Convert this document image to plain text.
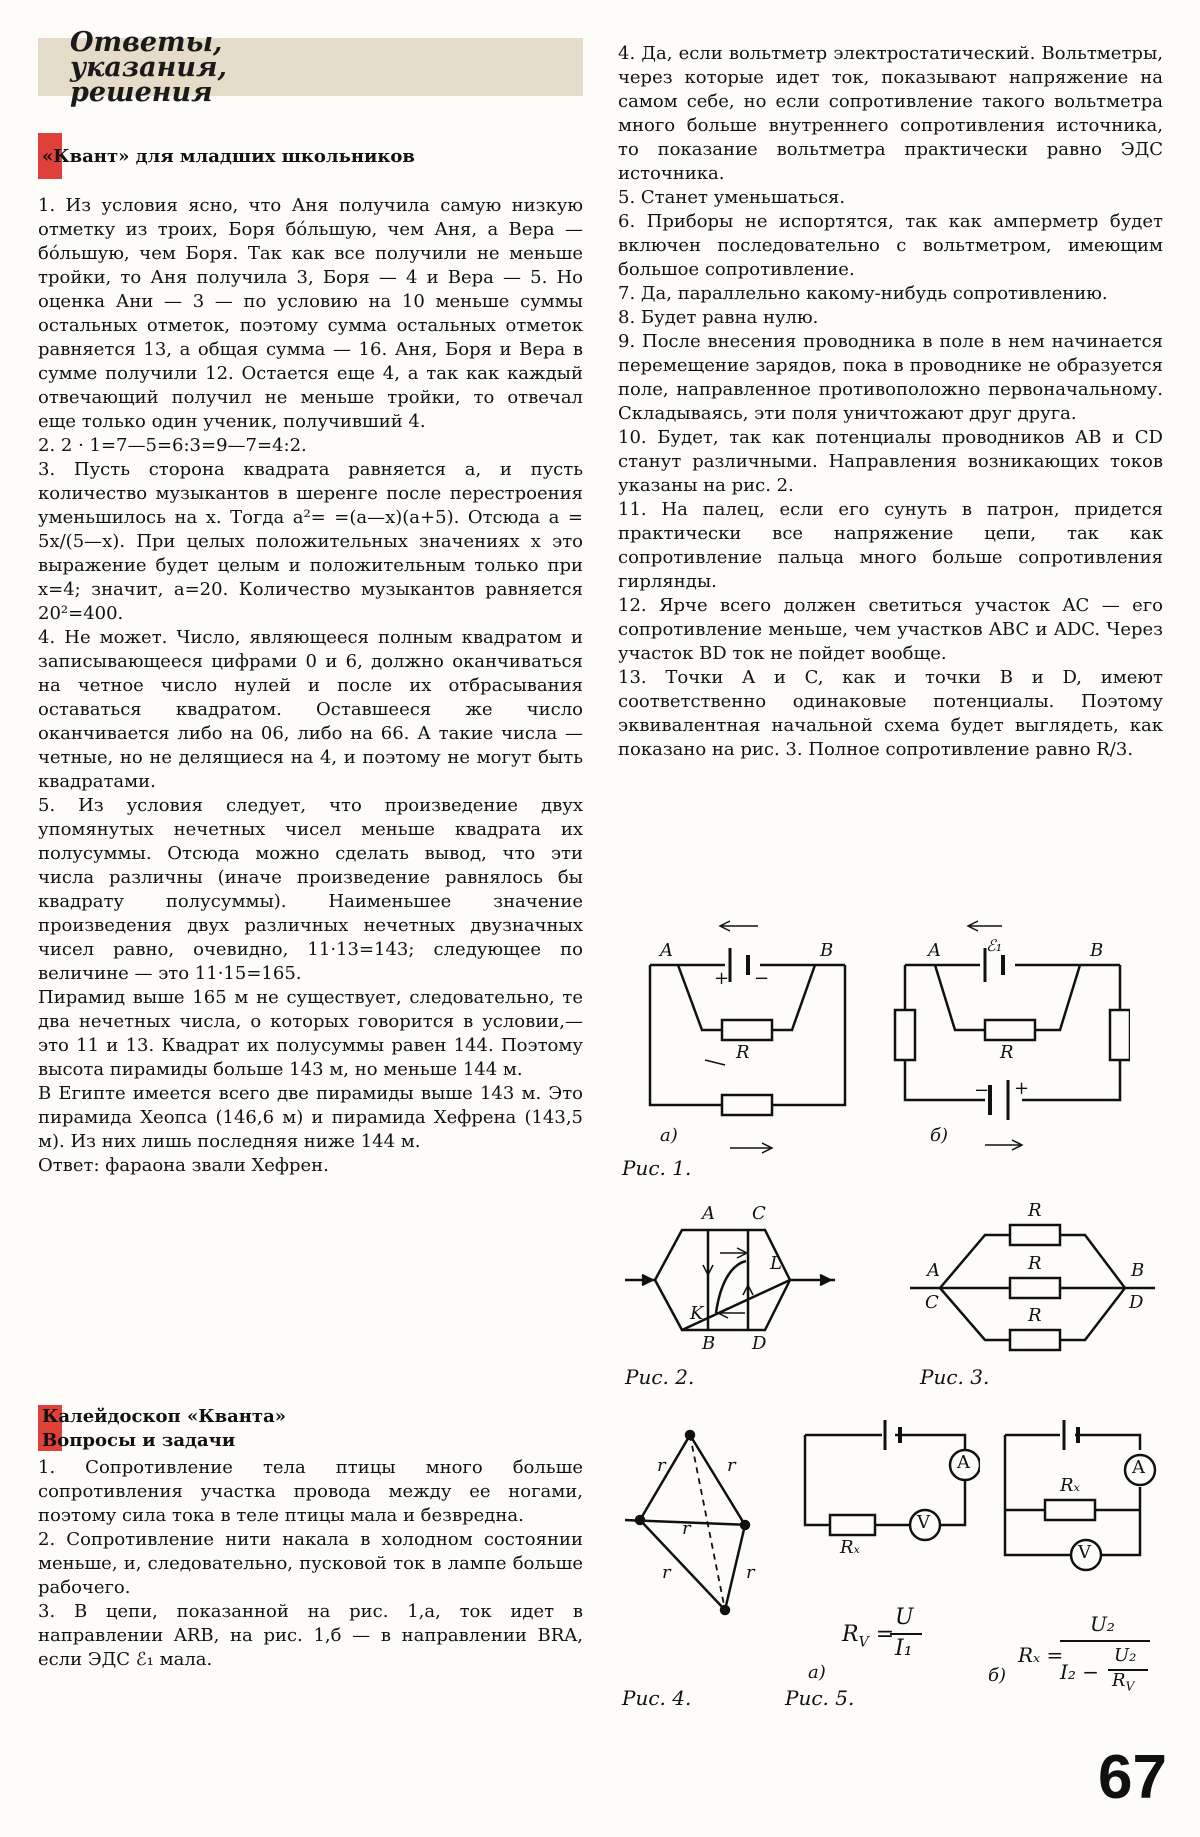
Ответы,
указания,
решения
«Квант» для младших школьников

1. Из условия ясно, что Аня получила самую низкую отметку из троих, Боря бóльшую, чем Аня, а Вера — бóльшую, чем Боря. Так как все получили не меньше тройки, то Аня получила 3, Боря — 4 и Вера — 5. Но оценка Ани — 3 — по условию на 10 меньше суммы остальных отметок, поэтому сумма остальных отметок равняется 13, а общая сумма — 16. Аня, Боря и Вера в сумме получили 12. Остается еще 4, а так как каждый отвечающий получил не меньше тройки, то отвечал еще только один ученик, получивший 4.

2. 2 · 1=7—5=6:3=9—7=4:2.

3. Пусть сторона квадрата равняется a, и пусть количество музыкантов в шеренге после перестроения уменьшилось на x. Тогда a²= =(a—x)(a+5). Отсюда a = 5x/(5—x). При целых положительных значениях x это выражение будет целым и положительным только при x=4; значит, a=20. Количество музыкантов равняется 20²=400.

4. Не может. Число, являющееся полным квадратом и записывающееся цифрами 0 и 6, должно оканчиваться на четное число нулей и после их отбрасывания оставаться квадратом. Оставшееся же число оканчивается либо на 06, либо на 66. А такие числа — четные, но не делящиеся на 4, и поэтому не могут быть квадратами.

5. Из условия следует, что произведение двух упомянутых нечетных чисел меньше квадрата их полусуммы. Отсюда можно сделать вывод, что эти числа различны (иначе произведение равнялось бы квадрату полусуммы). Наименьшее значение произведения двух различных нечетных двузначных чисел равно, очевидно, 11·13=143; следующее по величине — это 11·15=165.

Пирамид выше 165 м не существует, следовательно, те два нечетных числа, о которых говорится в условии,— это 11 и 13. Квадрат их полусуммы равен 144. Поэтому высота пирамиды больше 143 м, но меньше 144 м.

В Египте имеется всего две пирамиды выше 143 м. Это пирамида Хеопса (146,6 м) и пирамида Хефрена (143,5 м). Из них лишь последняя ниже 144 м.

Ответ: фараона звали Хефрен.

Калейдоскоп «Кванта»
Вопросы и задачи

1. Сопротивление тела птицы много больше сопротивления участка провода между ее ногами, поэтому сила тока в теле птицы мала и безвредна.

2. Сопротивление нити накала в холодном состоянии меньше, и, следовательно, пусковой ток в лампе больше рабочего.

3. В цепи, показанной на рис. 1,а, ток идет в направлении ARB, на рис. 1,б — в направлении BRA, если ЭДС ℰ₁ мала.

4. Да, если вольтметр электростатический. Вольтметры, через которые идет ток, показывают напряжение на самом себе, но если сопротивление такого вольтметра много больше внутреннего сопротивления источника, то показание вольтметра практически равно ЭДС источника.

5. Станет уменьшаться.

6. Приборы не испортятся, так как амперметр будет включен последовательно с вольтметром, имеющим большое сопротивление.

7. Да, параллельно какому-нибудь сопротивлению.

8. Будет равна нулю.

9. После внесения проводника в поле в нем начинается перемещение зарядов, пока в проводнике не образуется поле, направленное противоположно первоначальному. Складываясь, эти поля уничтожают друг друга.

10. Будет, так как потенциалы проводников AB и CD станут различными. Направления возникающих токов указаны на рис. 2.

11. На палец, если его сунуть в патрон, придется практически все напряжение цепи, так как сопротивление пальца много больше сопротивления гирлянды.

12. Ярче всего должен светиться участок AC — его сопротивление меньше, чем участков ABC и ADC. Через участок BD ток не пойдет вообще.

13. Точки A и C, как и точки B и D, имеют соответственно одинаковые потенциалы. Поэтому эквивалентная начальной схема будет выглядеть, как показано на рис. 3. Полное сопротивление равно R/3.

A	B
R
+ −
а)
A	ℰ₁	B
R
− +
б)
Рис. 1.
A C
L
K
B D
Рис. 2.
R
R
R
A
C
B
D
Рис. 3.
r	r
r
r	r
Рис. 4.
V
A
Rₓ
$R_V$ =
U
I₁
а)
V
A
Rₓ
Rₓ =
U₂
I₂ −
U₂
$R_V$
б)
Рис. 5.
67
